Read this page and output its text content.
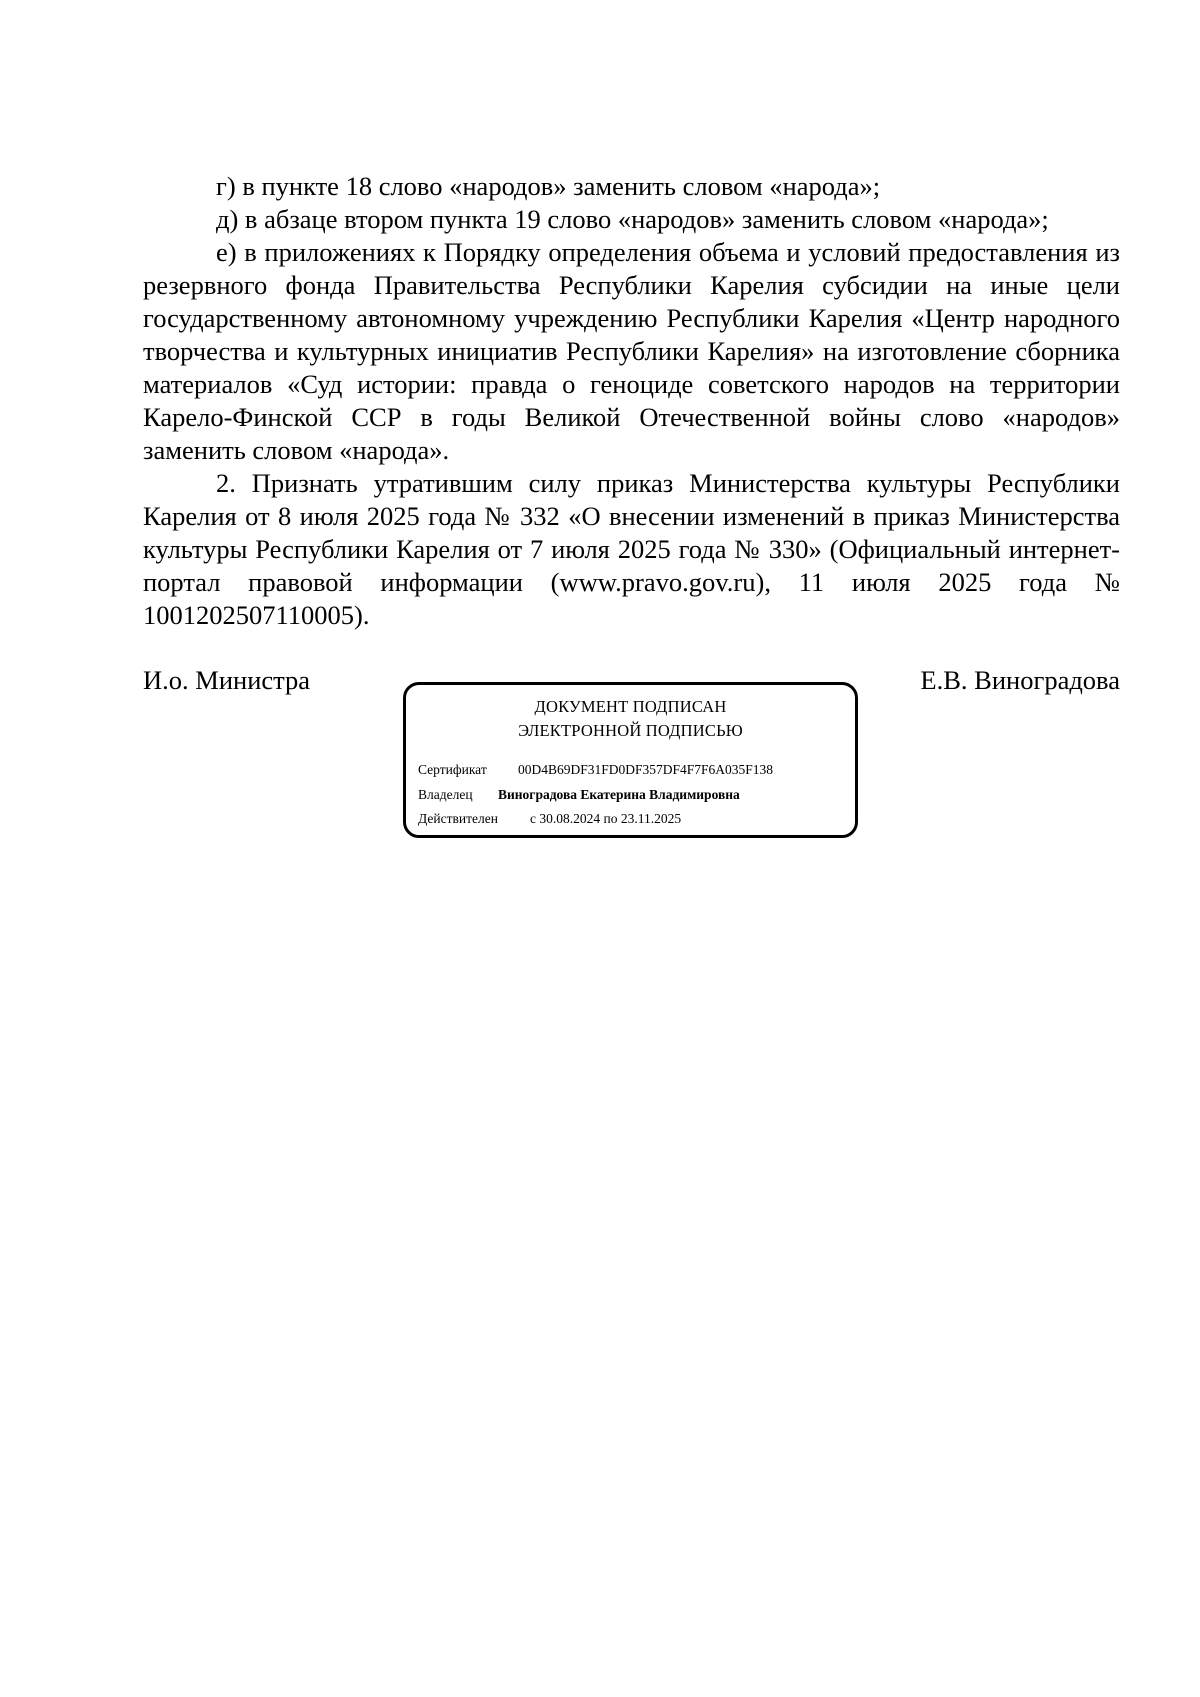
г) в пункте 18 слово «народов» заменить словом «народа»;

д) в абзаце втором пункта 19 слово «народов» заменить словом «народа»;

е) в приложениях к Порядку определения объема и условий предоставления из резервного фонда Правительства Республики Карелия субсидии на иные цели государственному автономному учреждению Республики Карелия «Центр народного творчества и культурных инициатив Республики Карелия» на изготовление сборника материалов «Суд истории: правда о геноциде советского народов на территории Карело-Финской ССР в годы Великой Отечественной войны слово «народов» заменить словом «народа».

2. Признать утратившим силу приказ Министерства культуры Республики Карелия от 8 июля 2025 года № 332 «О внесении изменений в приказ Министерства культуры Республики Карелия от 7 июля 2025 года № 330» (Официальный интернет-портал правовой информации (www.pravo.gov.ru), 11 июля 2025 года № 1001202507110005).

И.о. Министра	Е.В. Виноградова
ДОКУМЕНТ ПОДПИСАН
ЭЛЕКТРОННОЙ ПОДПИСЬЮ
Сертификат 00D4B69DF31FD0DF357DF4F7F6A035F138
Владелец Виноградова Екатерина Владимировна
Действителен с 30.08.2024 по 23.11.2025
